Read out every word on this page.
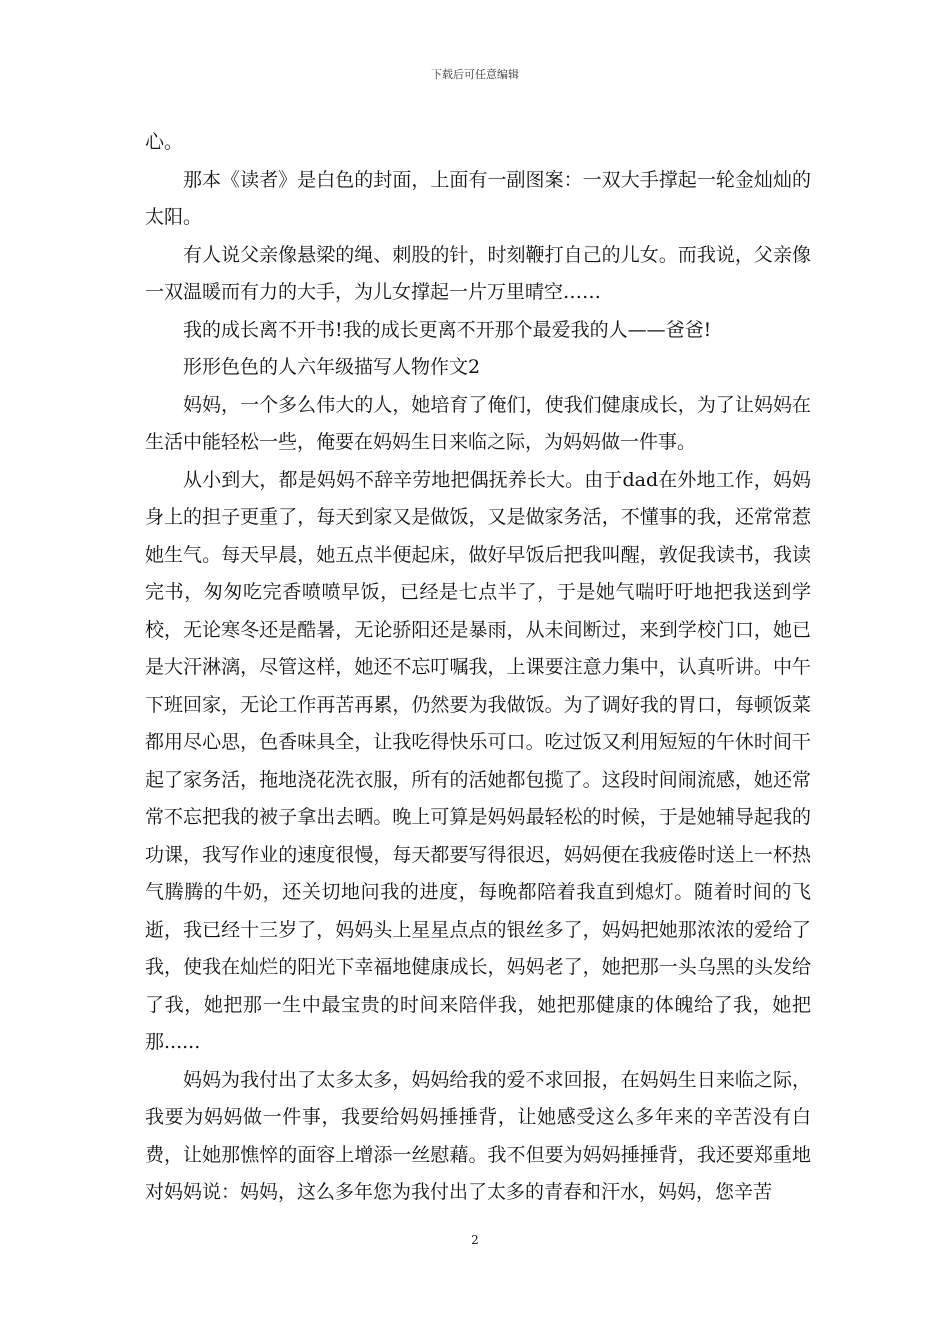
下载后可任意编辑

心。

那本《读者》是白色的封面，上面有一副图案：一双大手撑起一轮金灿灿的太阳。

有人说父亲像悬梁的绳、刺股的针，时刻鞭打自己的儿女。而我说，父亲像一双温暖而有力的大手，为儿女撑起一片万里晴空……

我的成长离不开书!我的成长更离不开那个最爱我的人——爸爸!

形形色色的人六年级描写人物作文2

妈妈，一个多么伟大的人，她培育了俺们，使我们健康成长，为了让妈妈在生活中能轻松一些，俺要在妈妈生日来临之际，为妈妈做一件事。

从小到大，都是妈妈不辞辛劳地把偶抚养长大。由于dad在外地工作，妈妈身上的担子更重了，每天到家又是做饭，又是做家务活，不懂事的我，还常常惹她生气。每天早晨，她五点半便起床，做好早饭后把我叫醒，敦促我读书，我读完书，匆匆吃完香喷喷早饭，已经是七点半了，于是她气喘吁吁地把我送到学校，无论寒冬还是酷暑，无论骄阳还是暴雨，从未间断过，来到学校门口，她已是大汗淋漓，尽管这样，她还不忘叮嘱我，上课要注意力集中，认真听讲。中午下班回家，无论工作再苦再累，仍然要为我做饭。为了调好我的胃口，每顿饭菜都用尽心思，色香味具全，让我吃得快乐可口。吃过饭又利用短短的午休时间干起了家务活，拖地浇花洗衣服，所有的活她都包揽了。这段时间闹流感，她还常常不忘把我的被子拿出去晒。晚上可算是妈妈最轻松的时候，于是她辅导起我的功课，我写作业的速度很慢，每天都要写得很迟，妈妈便在我疲倦时送上一杯热气腾腾的牛奶，还关切地问我的进度，每晚都陪着我直到熄灯。随着时间的飞逝，我已经十三岁了，妈妈头上星星点点的银丝多了，妈妈把她那浓浓的爱给了我，使我在灿烂的阳光下幸福地健康成长，妈妈老了，她把那一头乌黑的头发给了我，她把那一生中最宝贵的时间来陪伴我，她把那健康的体魄给了我，她把那......

妈妈为我付出了太多太多，妈妈给我的爱不求回报，在妈妈生日来临之际，我要为妈妈做一件事，我要给妈妈捶捶背，让她感受这么多年来的辛苦没有白费，让她那憔悴的面容上增添一丝慰藉。我不但要为妈妈捶捶背，我还要郑重地对妈妈说：妈妈，这么多年您为我付出了太多的青春和汗水，妈妈，您辛苦

2
